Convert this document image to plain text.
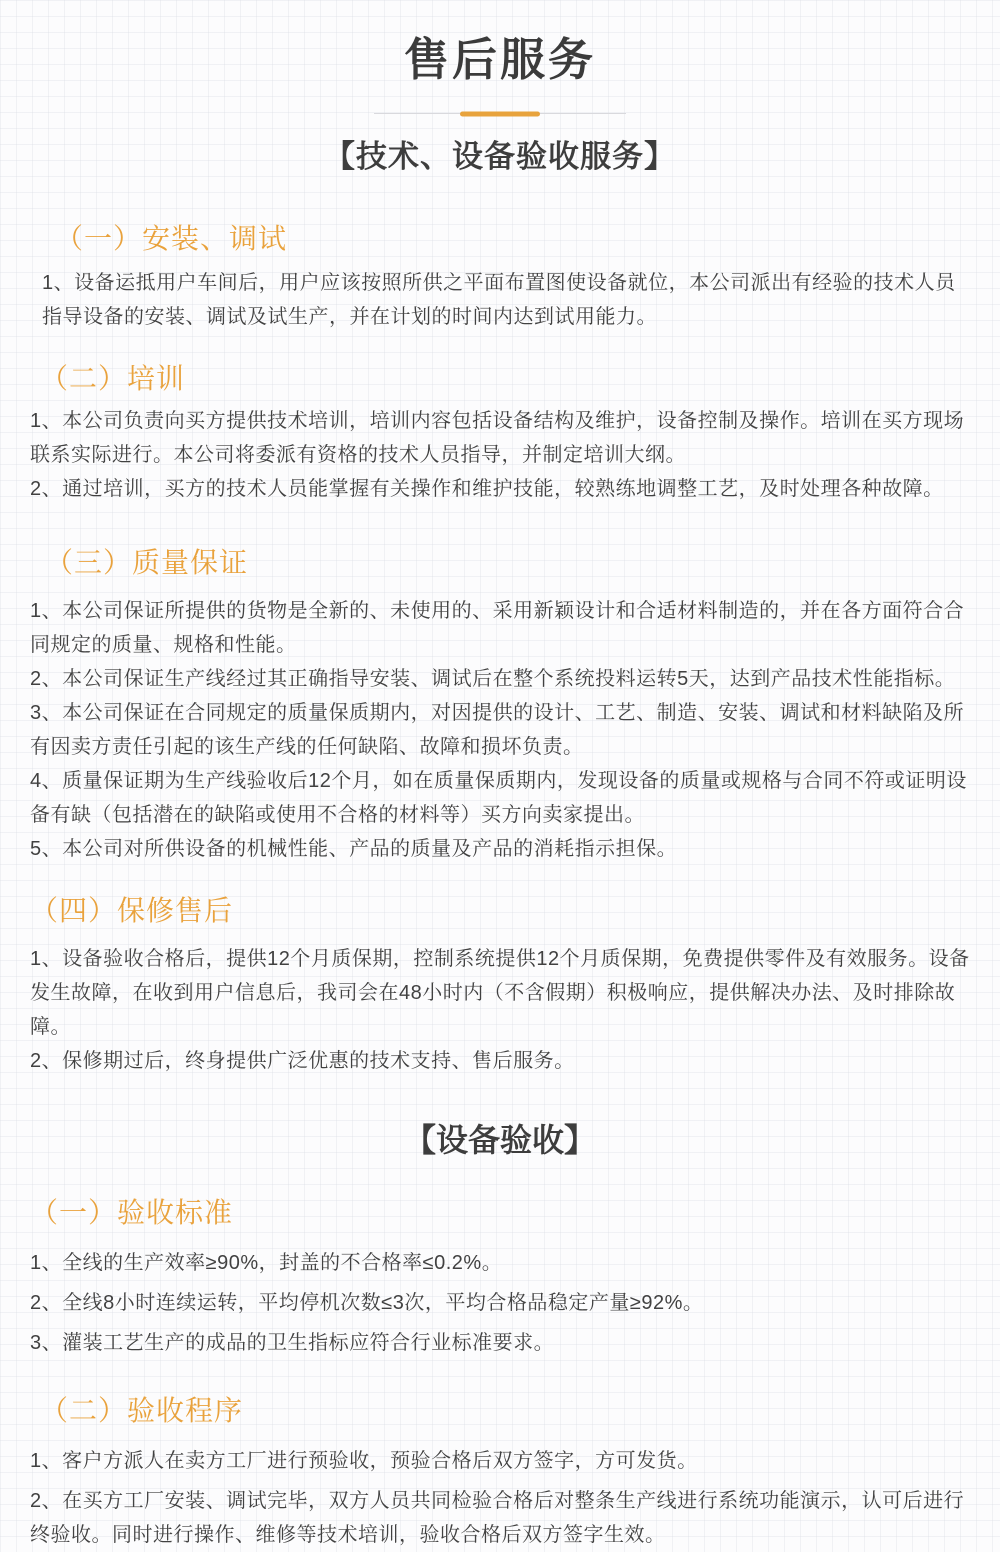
售后服务
【技术、设备验收服务】
（一）安装、调试

1、设备运抵用户车间后，用户应该按照所供之平面布置图使设备就位，本公司派出有经验的技术人员指导设备的安装、调试及试生产，并在计划的时间内达到试用能力。

（二）培训

1、本公司负责向买方提供技术培训，培训内容包括设备结构及维护，设备控制及操作。培训在买方现场联系实际进行。本公司将委派有资格的技术人员指导，并制定培训大纲。

2、通过培训，买方的技术人员能掌握有关操作和维护技能，较熟练地调整工艺，及时处理各种故障。

（三）质量保证

1、本公司保证所提供的货物是全新的、未使用的、采用新颖设计和合适材料制造的，并在各方面符合合同规定的质量、规格和性能。

2、本公司保证生产线经过其正确指导安装、调试后在整个系统投料运转5天，达到产品技术性能指标。

3、本公司保证在合同规定的质量保质期内，对因提供的设计、工艺、制造、安装、调试和材料缺陷及所有因卖方责任引起的该生产线的任何缺陷、故障和损坏负责。

4、质量保证期为生产线验收后12个月，如在质量保质期内，发现设备的质量或规格与合同不符或证明设备有缺（包括潜在的缺陷或使用不合格的材料等）买方向卖家提出。

5、本公司对所供设备的机械性能、产品的质量及产品的消耗指示担保。

（四）保修售后

1、设备验收合格后，提供12个月质保期，控制系统提供12个月质保期，免费提供零件及有效服务。设备发生故障，在收到用户信息后，我司会在48小时内（不含假期）积极响应，提供解决办法、及时排除故障。

2、保修期过后，终身提供广泛优惠的技术支持、售后服务。

【设备验收】
（一）验收标准

1、全线的生产效率≥90%，封盖的不合格率≤0.2%。

2、全线8小时连续运转，平均停机次数≤3次，平均合格品稳定产量≥92%。

3、灌装工艺生产的成品的卫生指标应符合行业标准要求。

（二）验收程序

1、客户方派人在卖方工厂进行预验收，预验合格后双方签字，方可发货。

2、在买方工厂安装、调试完毕，双方人员共同检验合格后对整条生产线进行系统功能演示，认可后进行终验收。同时进行操作、维修等技术培训，验收合格后双方签字生效。
